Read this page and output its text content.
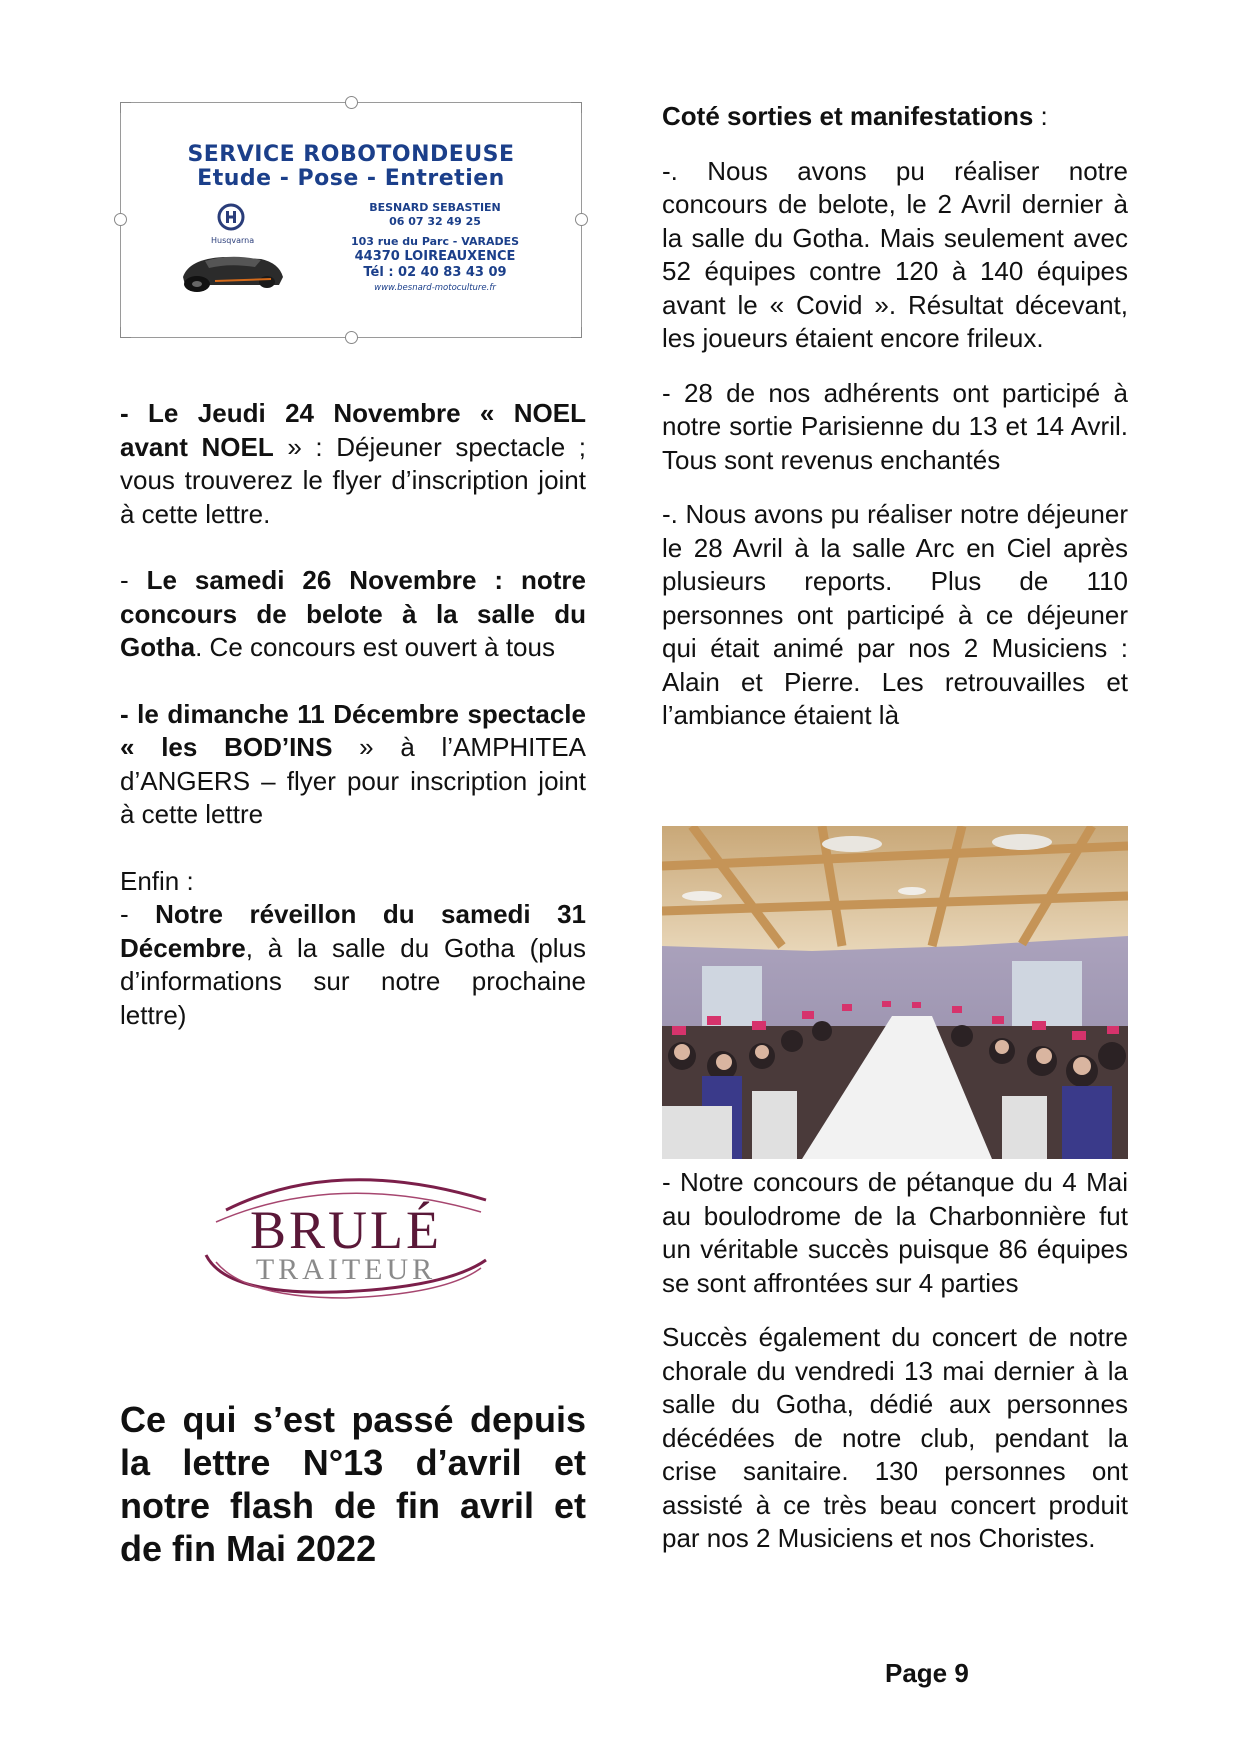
SERVICE ROBOTONDEUSE
Etude - Pose - Entretien
Husqvarna
BESNARD SEBASTIEN
06 07 32 49 25
103 rue du Parc - VARADES
44370 LOIREAUXENCE
Tél : 02 40 83 43 09
www.besnard-motoculture.fr

- Le Jeudi 24 Novembre « NOEL avant NOEL » : Déjeuner spectacle ; vous trouverez le flyer d’inscription joint à cette lettre.

- Le samedi 26 Novembre : notre concours de belote à la salle du Gotha. Ce concours est ouvert à tous

- le dimanche 11 Décembre spectacle « les BOD’INS » à l’AMPHITEA d’ANGERS – flyer pour inscription joint à cette lettre

Enfin :

- Notre réveillon du samedi 31 Décembre, à la salle du Gotha (plus d’informations sur notre prochaine lettre)

BRULÉ
TRAITEUR
Ce qui s’est passé depuis la lettre N°13 d’avril et notre flash de fin avril et de fin Mai 2022

Coté sorties et manifestations :

-. Nous avons pu réaliser notre concours de belote, le 2 Avril dernier à la salle du Gotha. Mais seulement avec 52 équipes contre 120 à 140 équipes avant le « Covid ». Résultat décevant, les joueurs étaient encore frileux.

- 28 de nos adhérents ont participé à notre sortie Parisienne du 13 et 14 Avril. Tous sont revenus enchantés

-. Nous avons pu réaliser notre déjeuner le 28 Avril à la salle Arc en Ciel après plusieurs reports. Plus de 110 personnes ont participé à ce déjeuner qui était animé par nos 2 Musiciens : Alain et Pierre. Les retrouvailles et l’ambiance étaient là

- Notre concours de pétanque du 4 Mai au boulodrome de la Charbonnière fut un véritable succès puisque 86 équipes se sont affrontées sur 4 parties

Succès également du concert de notre chorale du vendredi 13 mai dernier à la salle du Gotha, dédié aux personnes décédées de notre club, pendant la crise sanitaire. 130 personnes ont assisté à ce très beau concert produit par nos 2 Musiciens et nos Choristes.

Page 9
